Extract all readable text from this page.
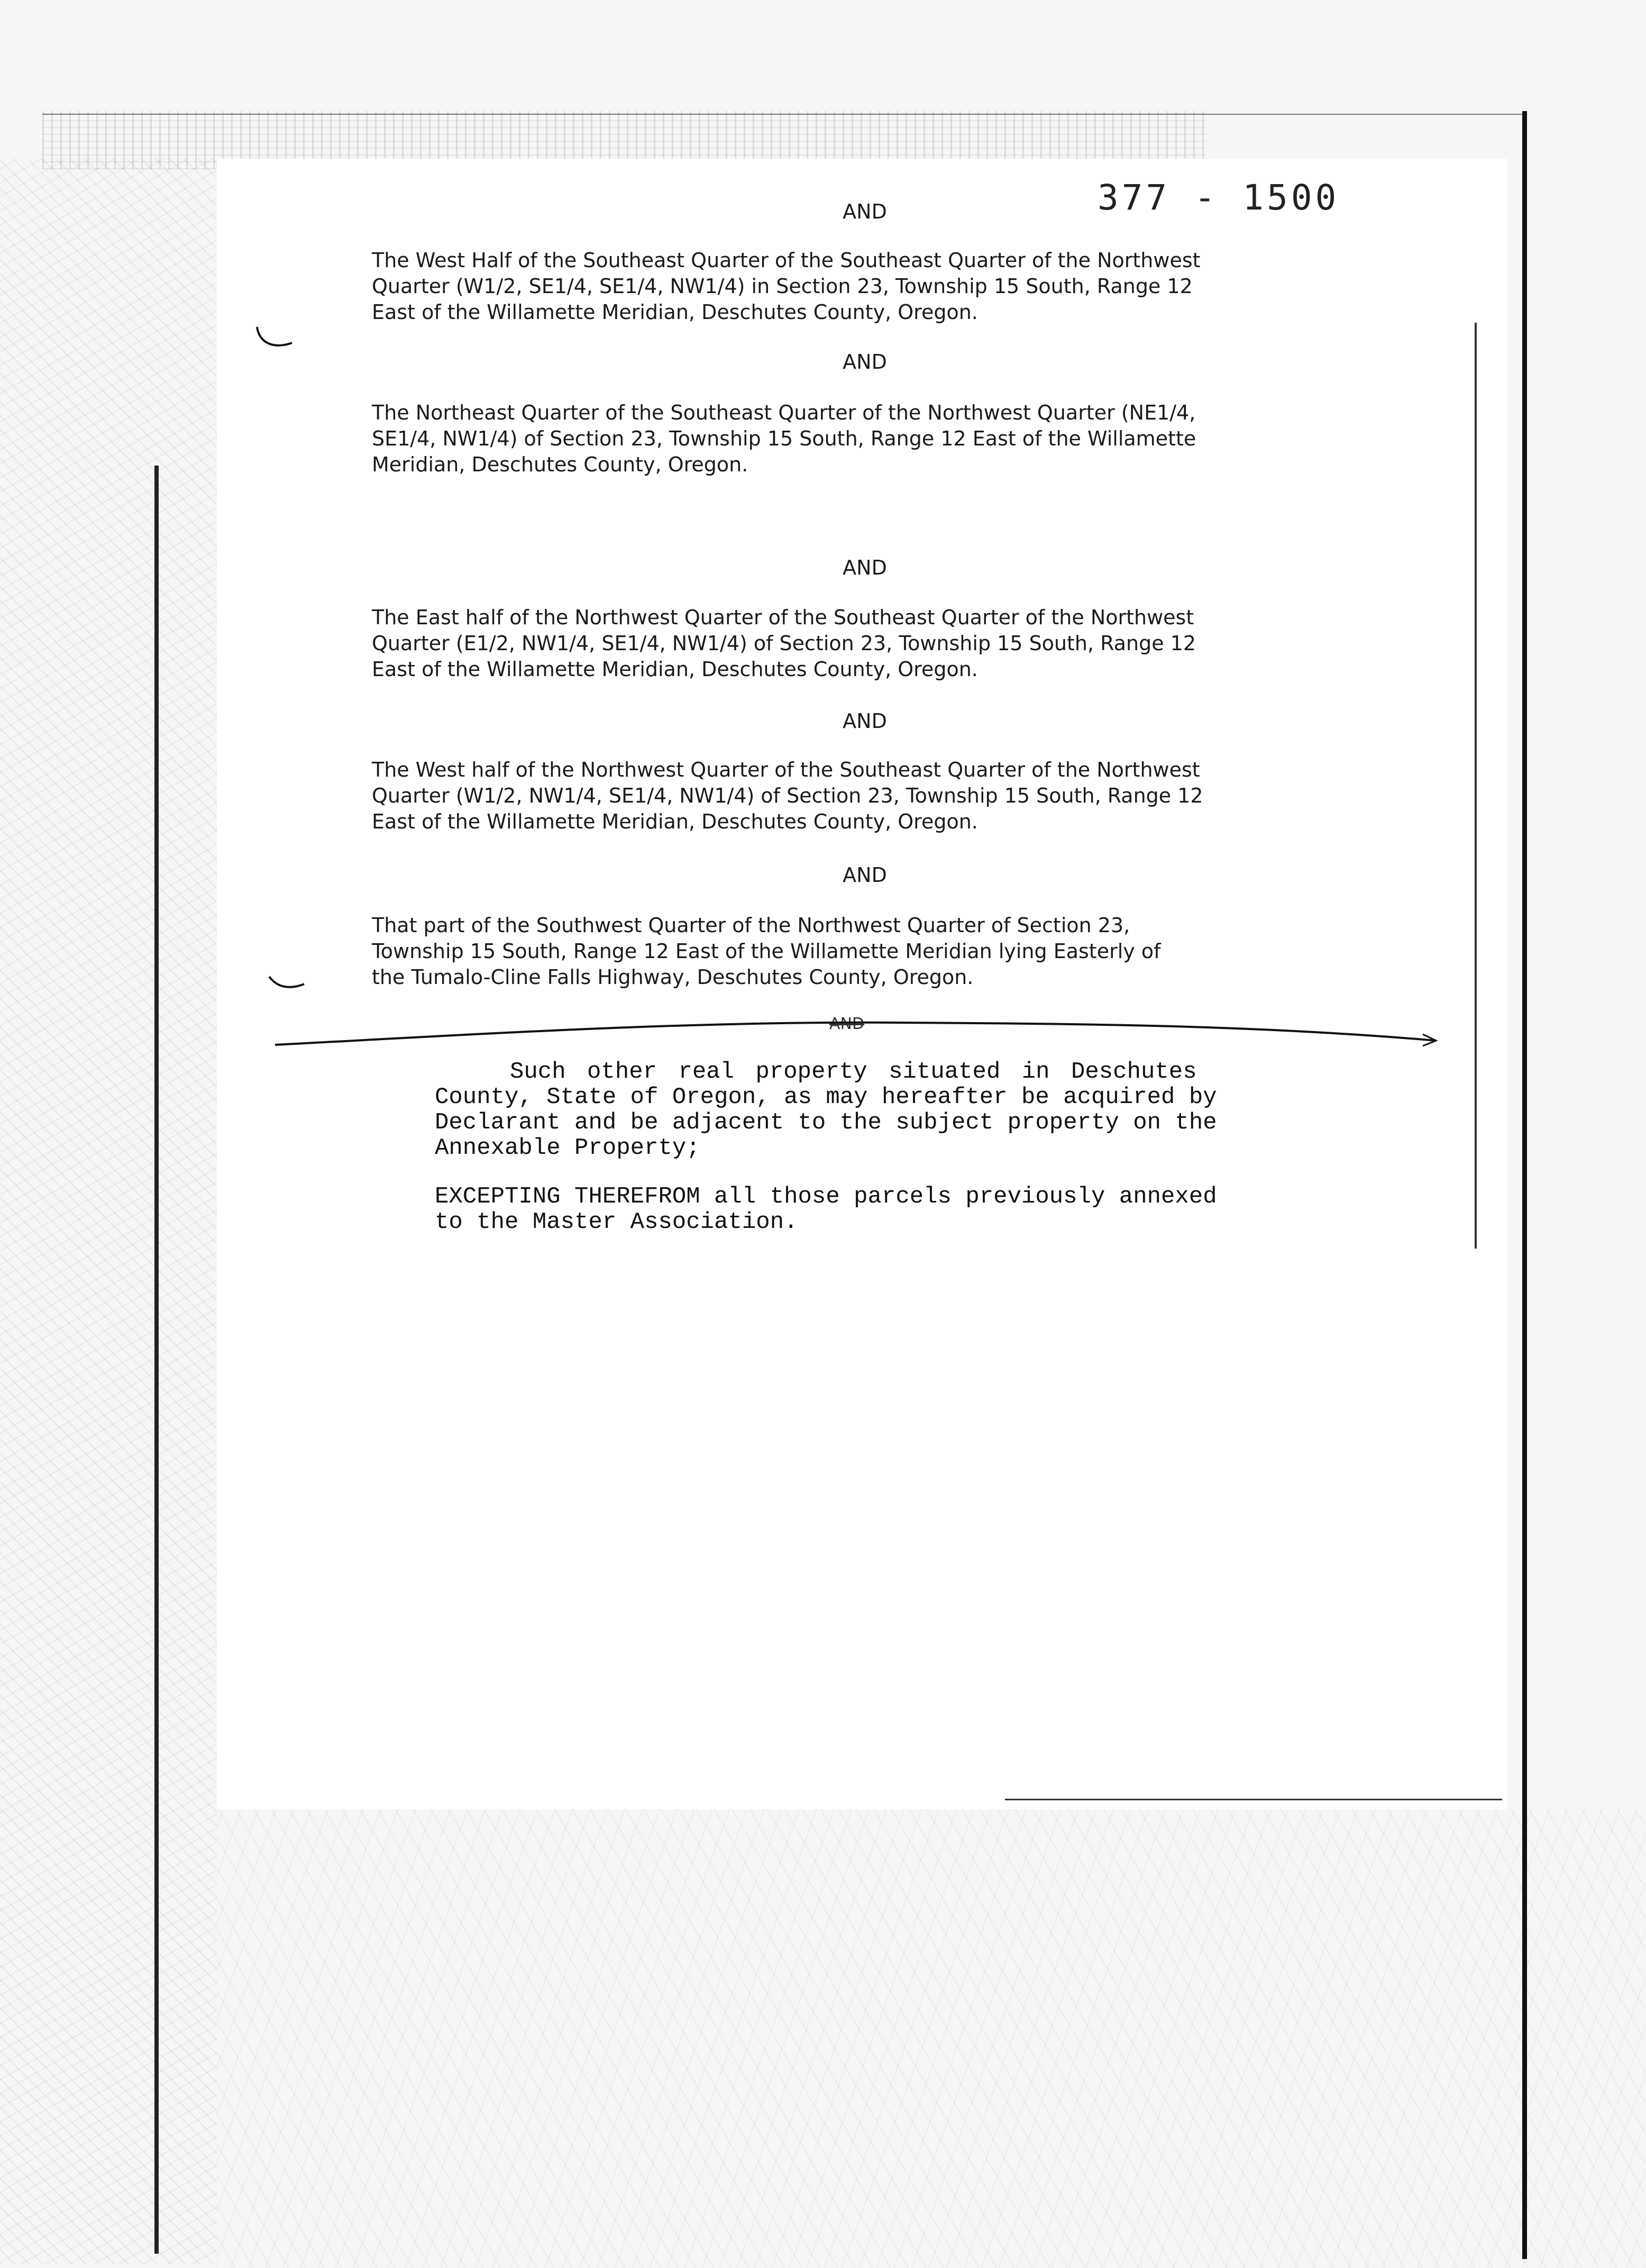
377 - 1500
AND
The West Half of the Southeast Quarter of the Southeast Quarter of the Northwest
Quarter (W1/2, SE1/4, SE1/4, NW1/4) in Section 23, Township 15 South, Range 12
East of the Willamette Meridian, Deschutes County, Oregon.
AND
The Northeast Quarter of the Southeast Quarter of the Northwest Quarter (NE1/4,
SE1/4, NW1/4) of Section 23, Township 15 South, Range 12 East of the Willamette
Meridian, Deschutes County, Oregon.
AND
The East half of the Northwest Quarter of the Southeast Quarter of the Northwest
Quarter (E1/2, NW1/4, SE1/4, NW1/4) of Section 23, Township 15 South, Range 12
East of the Willamette Meridian, Deschutes County, Oregon.
AND
The West half of the Northwest Quarter of the Southeast Quarter of the Northwest
Quarter (W1/2, NW1/4, SE1/4, NW1/4) of Section 23, Township 15 South, Range 12
East of the Willamette Meridian, Deschutes County, Oregon.
AND
That part of the Southwest Quarter of the Northwest Quarter of Section 23,
Township 15 South, Range 12 East of the Willamette Meridian lying Easterly of
the Tumalo-Cline Falls Highway, Deschutes County, Oregon.
AND
Such other real property situated in Deschutes
County, State of Oregon, as may hereafter be acquired by
Declarant and be adjacent to the subject property on the
Annexable Property;
EXCEPTING THEREFROM all those parcels previously annexed
to the Master Association.
